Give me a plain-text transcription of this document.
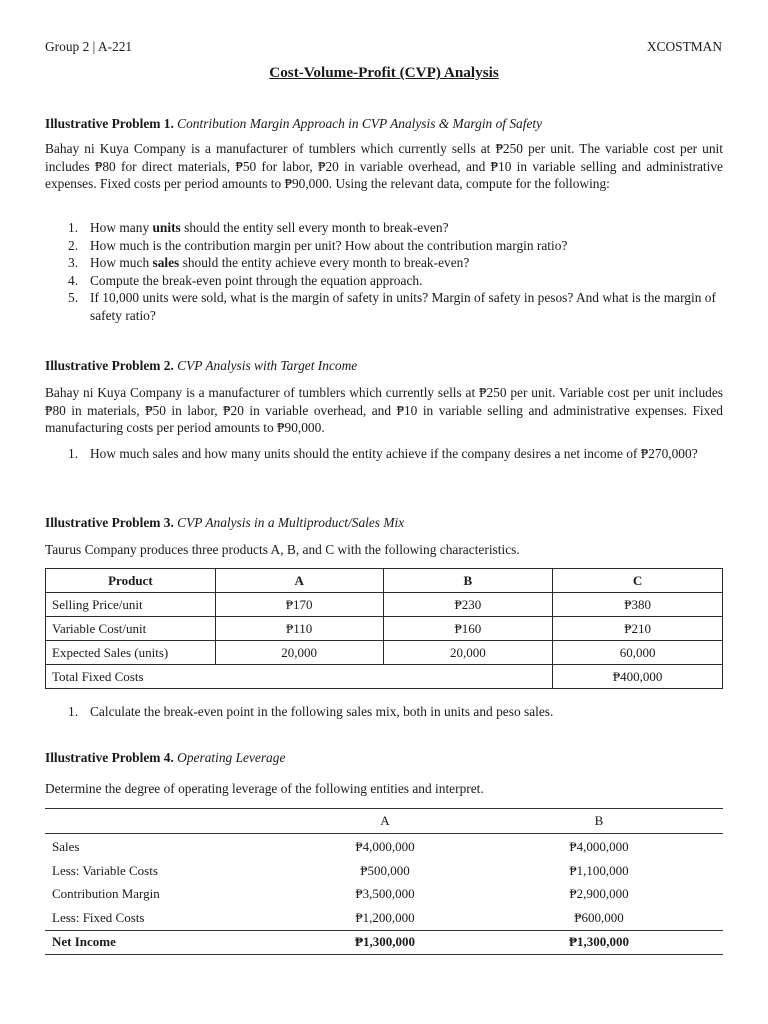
Group 2 | A-221	XCOSTMAN
Cost-Volume-Profit (CVP) Analysis
Illustrative Problem 1. Contribution Margin Approach in CVP Analysis & Margin of Safety
Bahay ni Kuya Company is a manufacturer of tumblers which currently sells at ₱250 per unit. The variable cost per unit includes ₱80 for direct materials, ₱50 for labor, ₱20 in variable overhead, and ₱10 in variable selling and administrative expenses. Fixed costs per period amounts to ₱90,000. Using the relevant data, compute for the following:
1. How many units should the entity sell every month to break-even?
2. How much is the contribution margin per unit? How about the contribution margin ratio?
3. How much sales should the entity achieve every month to break-even?
4. Compute the break-even point through the equation approach.
5. If 10,000 units were sold, what is the margin of safety in units? Margin of safety in pesos? And what is the margin of safety ratio?
Illustrative Problem 2. CVP Analysis with Target Income
Bahay ni Kuya Company is a manufacturer of tumblers which currently sells at ₱250 per unit. Variable cost per unit includes ₱80 in materials, ₱50 in labor, ₱20 in variable overhead, and ₱10 in variable selling and administrative expenses. Fixed manufacturing costs per period amounts to ₱90,000.
1. How much sales and how many units should the entity achieve if the company desires a net income of ₱270,000?
Illustrative Problem 3. CVP Analysis in a Multiproduct/Sales Mix
Taurus Company produces three products A, B, and C with the following characteristics.
Product	A	B	C
Selling Price/unit	₱170	₱230	₱380
Variable Cost/unit	₱110	₱160	₱210
Expected Sales (units)	20,000	20,000	60,000
Total Fixed Costs			₱400,000
1. Calculate the break-even point in the following sales mix, both in units and peso sales.
Illustrative Problem 4. Operating Leverage
Determine the degree of operating leverage of the following entities and interpret.
	A	B
Sales	₱4,000,000	₱4,000,000
Less: Variable Costs	₱500,000	₱1,100,000
Contribution Margin	₱3,500,000	₱2,900,000
Less: Fixed Costs	₱1,200,000	₱600,000
Net Income	₱1,300,000	₱1,300,000
